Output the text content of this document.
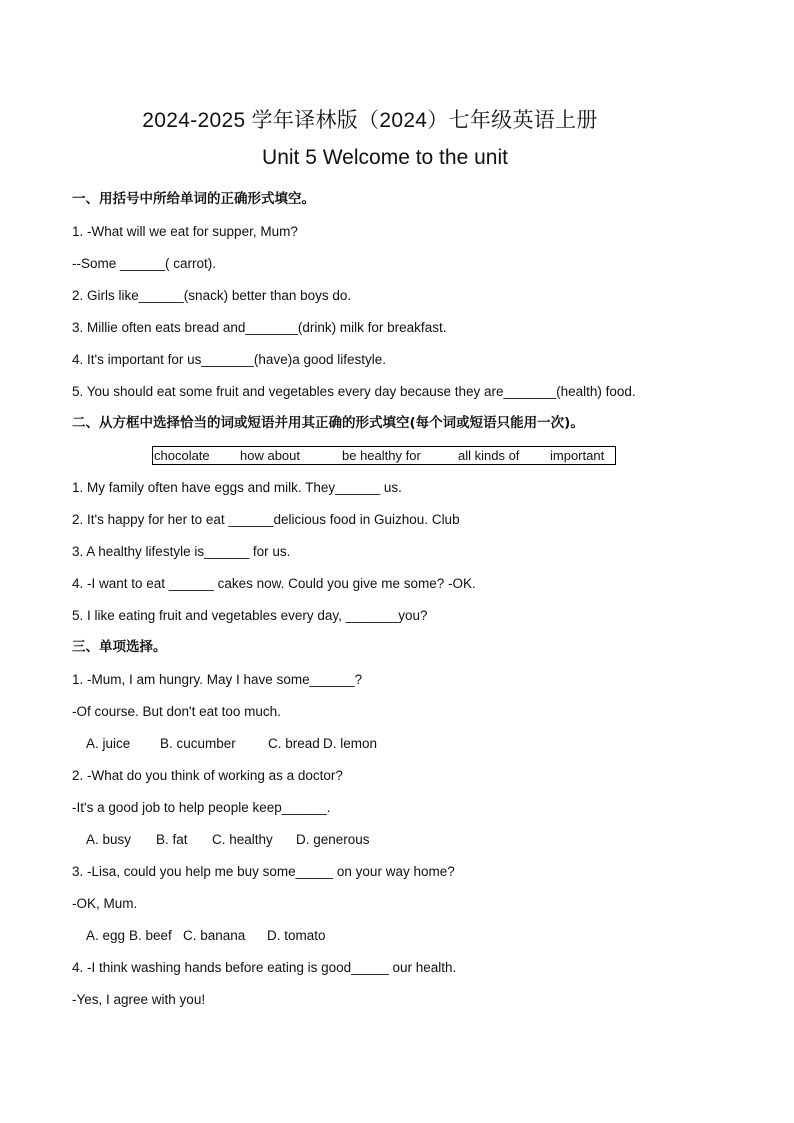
2024-2025 学年译林版（2024）七年级英语上册
Unit 5 Welcome to the unit
一、用括号中所给单词的正确形式填空。
1. -What will we eat for supper, Mum?
--Some ______( carrot).
2. Girls like______(snack) better than boys do.
3. Millie often eats bread and_______(drink) milk for breakfast.
4. It's important for us_______(have)a good lifestyle.
5. You should eat some fruit and vegetables every day because they are_______(health) food.
二、从方框中选择恰当的词或短语并用其正确的形式填空(每个词或短语只能用一次)。
chocolate how about	be healthy for	all kinds of important
1. My family often have eggs and milk. They______ us.
2. It's happy for her to eat ______delicious food in Guizhou. Club
3. A healthy lifestyle is______ for us.
4. -I want to eat ______ cakes now. Could you give me some? -OK.
5. I like eating fruit and vegetables every day, _______you?
三、单项选择。
1. -Mum, I am hungry. May I have some______?
-Of course. But don't eat too much.
A. juice B. cucumber C. bread D. lemon
2. -What do you think of working as a doctor?
-It's a good job to help people keep______.
A. busy B. fat C. healthy D. generous
3. -Lisa, could you help me buy some_____ on your way home?
-OK, Mum.
A. egg B. beef C. banana D. tomato
4. -I think washing hands before eating is good_____ our health.
-Yes, I agree with you!
